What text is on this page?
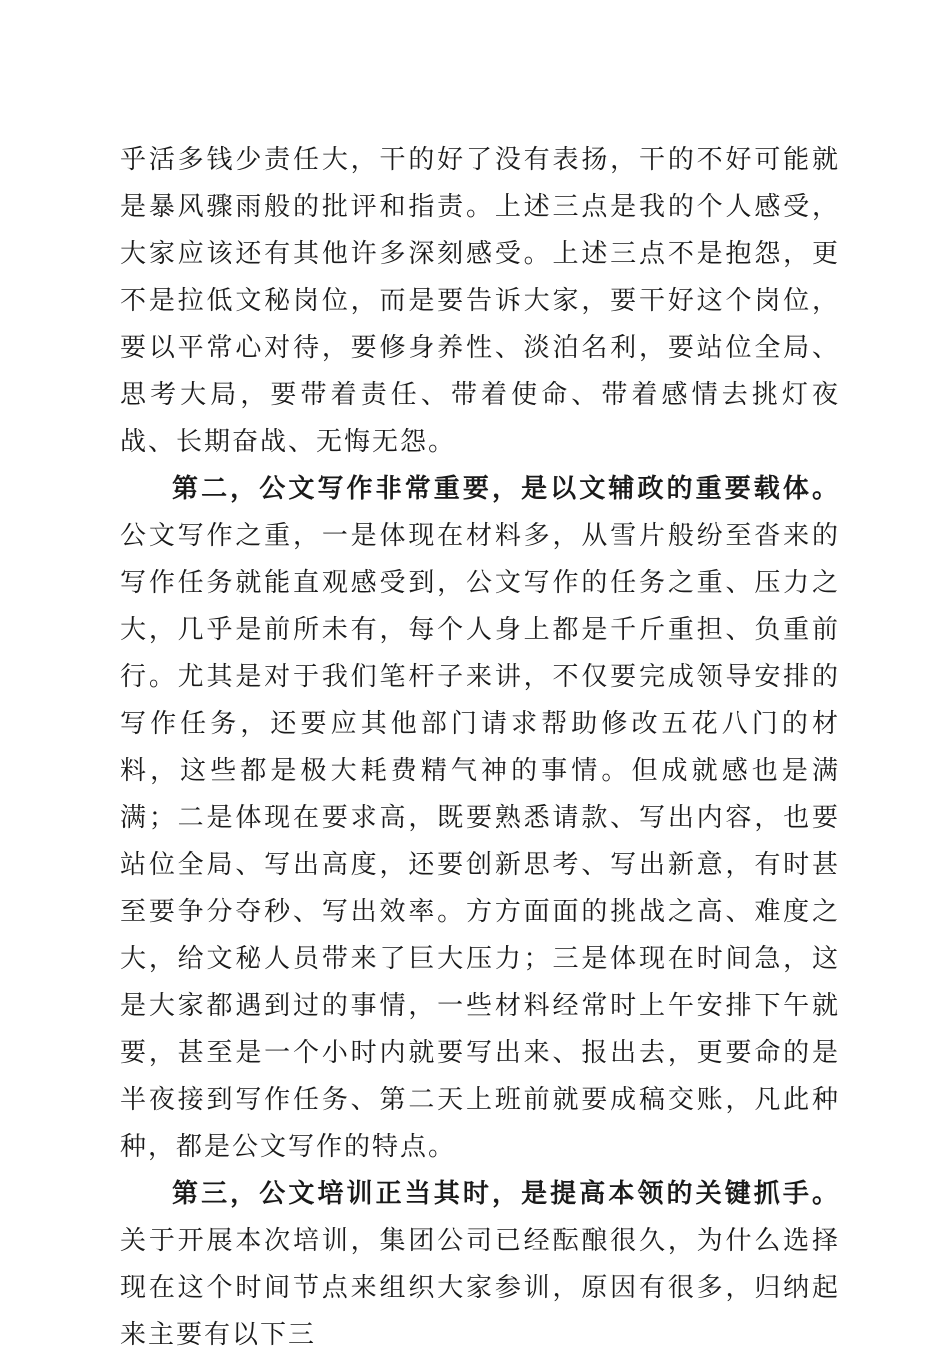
乎活多钱少责任大，干的好了没有表扬，干的不好可能就是暴风骤雨般的批评和指责。上述三点是我的个人感受，大家应该还有其他许多深刻感受。上述三点不是抱怨，更不是拉低文秘岗位，而是要告诉大家，要干好这个岗位，要以平常心对待，要修身养性、淡泊名利，要站位全局、思考大局，要带着责任、带着使命、带着感情去挑灯夜战、长期奋战、无悔无怨。

第二，公文写作非常重要，是以文辅政的重要载体。公文写作之重，一是体现在材料多，从雪片般纷至沓来的写作任务就能直观感受到，公文写作的任务之重、压力之大，几乎是前所未有，每个人身上都是千斤重担、负重前行。尤其是对于我们笔杆子来讲，不仅要完成领导安排的写作任务，还要应其他部门请求帮助修改五花八门的材料，这些都是极大耗费精气神的事情。但成就感也是满满；二是体现在要求高，既要熟悉请款、写出内容，也要站位全局、写出高度，还要创新思考、写出新意，有时甚至要争分夺秒、写出效率。方方面面的挑战之高、难度之大，给文秘人员带来了巨大压力；三是体现在时间急，这是大家都遇到过的事情，一些材料经常时上午安排下午就要，甚至是一个小时内就要写出来、报出去，更要命的是半夜接到写作任务、第二天上班前就要成稿交账，凡此种种，都是公文写作的特点。

第三，公文培训正当其时，是提高本领的关键抓手。关于开展本次培训，集团公司已经酝酿很久，为什么选择现在这个时间节点来组织大家参训，原因有很多，归纳起来主要有以下三
